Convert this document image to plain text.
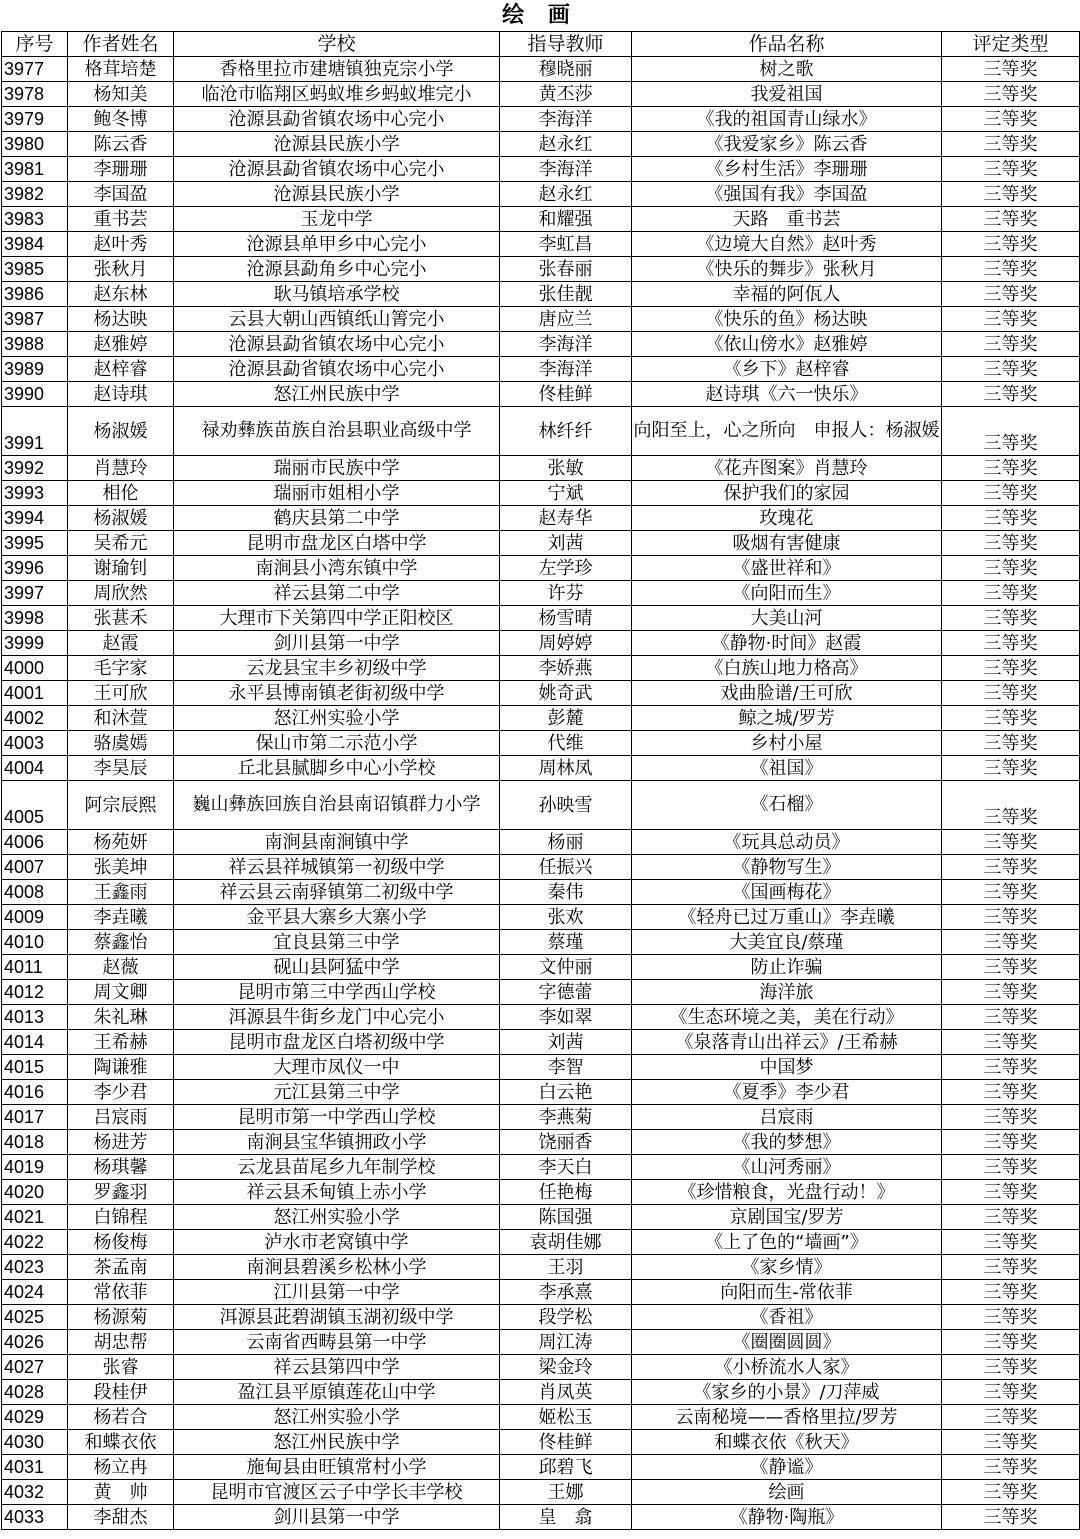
绘 画
序号	作者姓名	学校	指导教师	作品名称	评定类型
3977	格茸培楚	香格里拉市建塘镇独克宗小学	穆晓丽	树之歌	三等奖
3978	杨知美	临沧市临翔区蚂蚁堆乡蚂蚁堆完小	黄丕莎	我爱祖国	三等奖
3979	鲍冬博	沧源县勐省镇农场中心完小	李海洋	《我的祖国青山绿水》	三等奖
3980	陈云香	沧源县民族小学	赵永红	《我爱家乡》陈云香	三等奖
3981	李珊珊	沧源县勐省镇农场中心完小	李海洋	《乡村生活》李珊珊	三等奖
3982	李国盈	沧源县民族小学	赵永红	《强国有我》李国盈	三等奖
3983	重书芸	玉龙中学	和耀强	天路　重书芸	三等奖
3984	赵叶秀	沧源县单甲乡中心完小	李虹昌	《边境大自然》赵叶秀	三等奖
3985	张秋月	沧源县勐角乡中心完小	张春丽	《快乐的舞步》张秋月	三等奖
3986	赵东林	耿马镇培承学校	张佳靓	幸福的阿佤人	三等奖
3987	杨达映	云县大朝山西镇纸山箐完小	唐应兰	《快乐的鱼》杨达映	三等奖
3988	赵雅婷	沧源县勐省镇农场中心完小	李海洋	《依山傍水》赵雅婷	三等奖
3989	赵梓睿	沧源县勐省镇农场中心完小	李海洋	《乡下》赵梓睿	三等奖
3990	赵诗琪	怒江州民族中学	佟桂鲜	赵诗琪《六一快乐》	三等奖
3991	杨淑媛	禄劝彝族苗族自治县职业高级中学	林纤纤	向阳至上，心之所向　申报人：杨淑媛	三等奖
3992	肖慧玲	瑞丽市民族中学	张敏	《花卉图案》肖慧玲	三等奖
3993	相伦	瑞丽市姐相小学	宁斌	保护我们的家园	三等奖
3994	杨淑媛	鹤庆县第二中学	赵寿华	玫瑰花	三等奖
3995	吴希元	昆明市盘龙区白塔中学	刘茜	吸烟有害健康	三等奖
3996	谢瑜钊	南涧县小湾东镇中学	左学珍	《盛世祥和》	三等奖
3997	周欣然	祥云县第二中学	许芬	《向阳而生》	三等奖
3998	张葚禾	大理市下关第四中学正阳校区	杨雪晴	大美山河	三等奖
3999	赵霞	剑川县第一中学	周婷婷	《静物·时间》赵霞	三等奖
4000	毛字家	云龙县宝丰乡初级中学	李娇燕	《白族山地力格高》	三等奖
4001	王可欣	永平县博南镇老街初级中学	姚奇武	戏曲脸谱/王可欣	三等奖
4002	和沐萱	怒江州实验小学	彭麓	鲸之城/罗芳	三等奖
4003	骆虞嫣	保山市第二示范小学	代维	乡村小屋	三等奖
4004	李昊辰	丘北县腻脚乡中心小学校	周林凤	《祖国》	三等奖
4005	阿宗辰熙	巍山彝族回族自治县南诏镇群力小学	孙映雪	《石榴》	三等奖
4006	杨苑妍	南涧县南涧镇中学	杨丽	《玩具总动员》	三等奖
4007	张美坤	祥云县祥城镇第一初级中学	任振兴	《静物写生》	三等奖
4008	王鑫雨	祥云县云南驿镇第二初级中学	秦伟	《国画梅花》	三等奖
4009	李垚曦	金平县大寨乡大寨小学	张欢	《轻舟已过万重山》李垚曦	三等奖
4010	蔡鑫怡	宜良县第三中学	蔡瑾	大美宜良/蔡瑾	三等奖
4011	赵薇	砚山县阿猛中学	文仲丽	防止诈骗	三等奖
4012	周文卿	昆明市第三中学西山学校	字德蕾	海洋旅	三等奖
4013	朱礼琳	洱源县牛街乡龙门中心完小	李如翠	《生态环境之美，美在行动》	三等奖
4014	王希赫	昆明市盘龙区白塔初级中学	刘茜	《泉落青山出祥云》/王希赫	三等奖
4015	陶谦雅	大理市凤仪一中	李智	中国梦	三等奖
4016	李少君	元江县第三中学	白云艳	《夏季》李少君	三等奖
4017	吕宸雨	昆明市第一中学西山学校	李燕菊	吕宸雨	三等奖
4018	杨进芳	南涧县宝华镇拥政小学	饶丽香	《我的梦想》	三等奖
4019	杨琪馨	云龙县苗尾乡九年制学校	李天白	《山河秀丽》	三等奖
4020	罗鑫羽	祥云县禾甸镇上赤小学	任艳梅	《珍惜粮食，光盘行动！》	三等奖
4021	白锦程	怒江州实验小学	陈国强	京剧国宝/罗芳	三等奖
4022	杨俊梅	泸水市老窝镇中学	袁胡佳娜	《上了色的“墙画”》	三等奖
4023	茶孟南	南涧县碧溪乡松林小学	王羽	《家乡情》	三等奖
4024	常依菲	江川县第一中学	李承熹	向阳而生-常依菲	三等奖
4025	杨源菊	洱源县茈碧湖镇玉湖初级中学	段学松	《香祖》	三等奖
4026	胡忠帮	云南省西畴县第一中学	周江涛	《圈圈圆圆》	三等奖
4027	张睿	祥云县第四中学	梁金玲	《小桥流水人家》	三等奖
4028	段桂伊	盈江县平原镇莲花山中学	肖凤英	《家乡的小景》/刀萍威	三等奖
4029	杨若合	怒江州实验小学	姬松玉	云南秘境——香格里拉/罗芳	三等奖
4030	和蝶衣依	怒江州民族中学	佟桂鲜	和蝶衣依《秋天》	三等奖
4031	杨立冉	施甸县由旺镇常村小学	邱碧飞	《静谧》	三等奖
4032	黄　帅	昆明市官渡区云子中学长丰学校	王娜	绘画	三等奖
4033	李甜杰	剑川县第一中学	皇　翕	《静物·陶瓶》	三等奖
